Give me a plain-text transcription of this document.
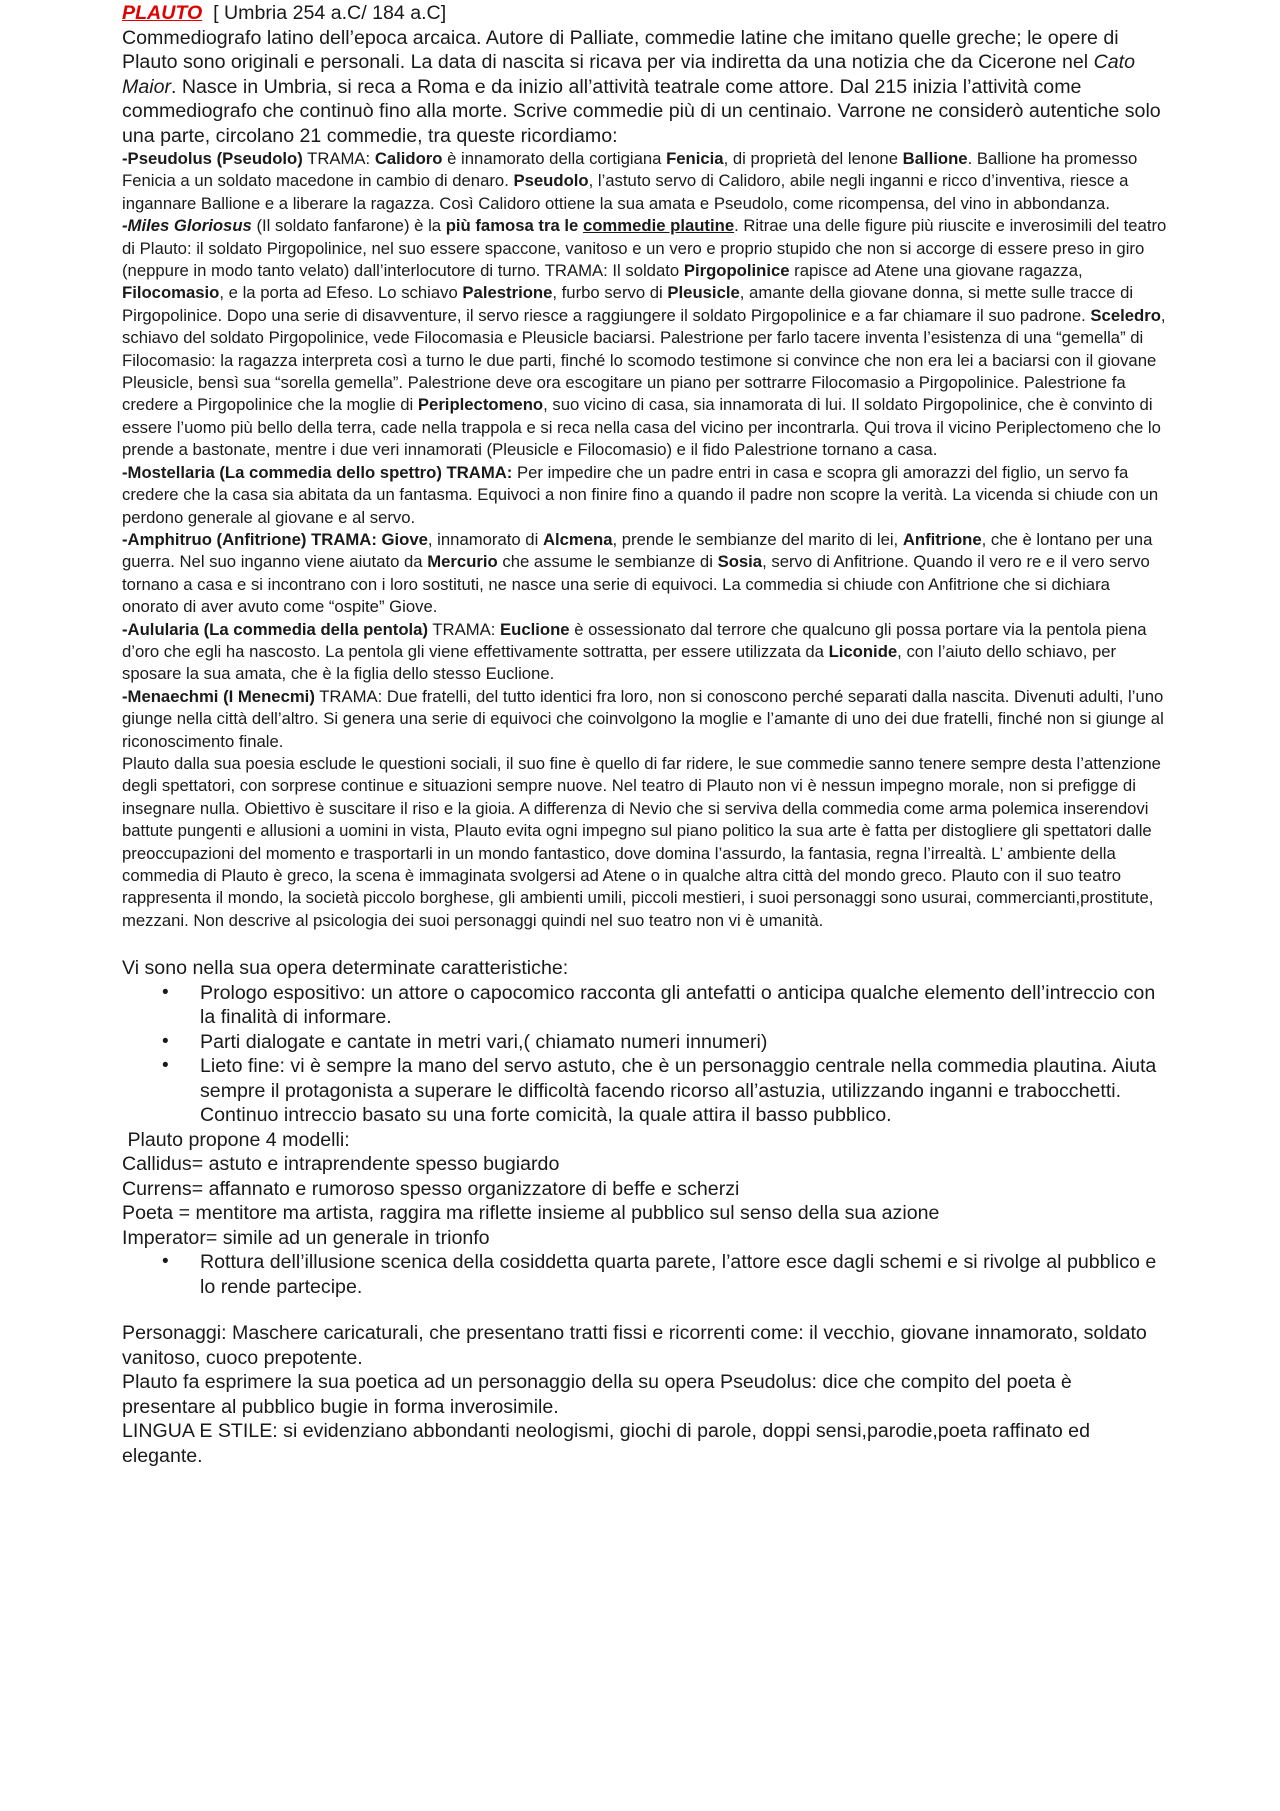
PLAUTO [ Umbria 254 a.C/ 184 a.C]

Commediografo latino dell’epoca arcaica. Autore di Palliate, commedie latine che imitano quelle greche; le opere di Plauto sono originali e personali. La data di nascita si ricava per via indiretta da una notizia che da Cicerone nel Cato Maior. Nasce in Umbria, si reca a Roma e da inizio all’attività teatrale come attore. Dal 215 inizia l’attività come commediografo che continuò fino alla morte. Scrive commedie più di un centinaio. Varrone ne considerò autentiche solo una parte, circolano 21 commedie, tra queste ricordiamo:

-Pseudolus (Pseudolo) TRAMA: Calidoro è innamorato della cortigiana Fenicia, di proprietà del lenone Ballione. Ballione ha promesso Fenicia a un soldato macedone in cambio di denaro. Pseudolo, l’astuto servo di Calidoro, abile negli inganni e ricco d’inventiva, riesce a ingannare Ballione e a liberare la ragazza. Così Calidoro ottiene la sua amata e Pseudolo, come ricompensa, del vino in abbondanza.

-Miles Gloriosus (Il soldato fanfarone) è la più famosa tra le commedie plautine. Ritrae una delle figure più riuscite e inverosimili del teatro di Plauto: il soldato Pirgopolinice, nel suo essere spaccone, vanitoso e un vero e proprio stupido che non si accorge di essere preso in giro (neppure in modo tanto velato) dall’interlocutore di turno. TRAMA: Il soldato Pirgopolinice rapisce ad Atene una giovane ragazza, Filocomasio, e la porta ad Efeso. Lo schiavo Palestrione, furbo servo di Pleusicle, amante della giovane donna, si mette sulle tracce di Pirgopolinice. Dopo una serie di disavventure, il servo riesce a raggiungere il soldato Pirgopolinice e a far chiamare il suo padrone. Sceledro, schiavo del soldato Pirgopolinice, vede Filocomasia e Pleusicle baciarsi. Palestrione per farlo tacere inventa l’esistenza di una “gemella” di Filocomasio: la ragazza interpreta così a turno le due parti, finché lo scomodo testimone si convince che non era lei a baciarsi con il giovane Pleusicle, bensì sua “sorella gemella”. Palestrione deve ora escogitare un piano per sottrarre Filocomasio a Pirgopolinice. Palestrione fa credere a Pirgopolinice che la moglie di Periplectomeno, suo vicino di casa, sia innamorata di lui. Il soldato Pirgopolinice, che è convinto di essere l’uomo più bello della terra, cade nella trappola e si reca nella casa del vicino per incontrarla. Qui trova il vicino Periplectomeno che lo prende a bastonate, mentre i due veri innamorati (Pleusicle e Filocomasio) e il fido Palestrione tornano a casa.

-Mostellaria (La commedia dello spettro) TRAMA: Per impedire che un padre entri in casa e scopra gli amorazzi del figlio, un servo fa credere che la casa sia abitata da un fantasma. Equivoci a non finire fino a quando il padre non scopre la verità. La vicenda si chiude con un perdono generale al giovane e al servo.

-Amphitruo (Anfitrione) TRAMA: Giove, innamorato di Alcmena, prende le sembianze del marito di lei, Anfitrione, che è lontano per una guerra. Nel suo inganno viene aiutato da Mercurio che assume le sembianze di Sosia, servo di Anfitrione. Quando il vero re e il vero servo tornano a casa e si incontrano con i loro sostituti, ne nasce una serie di equivoci. La commedia si chiude con Anfitrione che si dichiara onorato di aver avuto come “ospite” Giove.

-Aulularia (La commedia della pentola) TRAMA: Euclione è ossessionato dal terrore che qualcuno gli possa portare via la pentola piena d’oro che egli ha nascosto. La pentola gli viene effettivamente sottratta, per essere utilizzata da Liconide, con l’aiuto dello schiavo, per sposare la sua amata, che è la figlia dello stesso Euclione.

-Menaechmi (I Menecmi) TRAMA: Due fratelli, del tutto identici fra loro, non si conoscono perché separati dalla nascita. Divenuti adulti, l’uno giunge nella città dell’altro. Si genera una serie di equivoci che coinvolgono la moglie e l’amante di uno dei due fratelli, finché non si giunge al riconoscimento finale.

Plauto dalla sua poesia esclude le questioni sociali, il suo fine è quello di far ridere, le sue commedie sanno tenere sempre desta l’attenzione degli spettatori, con sorprese continue e situazioni sempre nuove. Nel teatro di Plauto non vi è nessun impegno morale, non si prefigge di insegnare nulla. Obiettivo è suscitare il riso e la gioia. A differenza di Nevio che si serviva della commedia come arma polemica inserendovi battute pungenti e allusioni a uomini in vista, Plauto evita ogni impegno sul piano politico la sua arte è fatta per distogliere gli spettatori dalle preoccupazioni del momento e trasportarli in un mondo fantastico, dove domina l’assurdo, la fantasia, regna l’irrealtà. L’ ambiente della commedia di Plauto è greco, la scena è immaginata svolgersi ad Atene o in qualche altra città del mondo greco. Plauto con il suo teatro rappresenta il mondo, la società piccolo borghese, gli ambienti umili, piccoli mestieri, i suoi personaggi sono usurai, commercianti,prostitute, mezzani. Non descrive al psicologia dei suoi personaggi quindi nel suo teatro non vi è umanità.

Vi sono nella sua opera determinate caratteristiche:

• Prologo espositivo: un attore o capocomico racconta gli antefatti o anticipa qualche elemento dell’intreccio con la finalità di informare.
• Parti dialogate e cantate in metri vari,( chiamato numeri innumeri)
• Lieto fine: vi è sempre la mano del servo astuto, che è un personaggio centrale nella commedia plautina. Aiuta sempre il protagonista a superare le difficoltà facendo ricorso all’astuzia, utilizzando inganni e trabocchetti. Continuo intreccio basato su una forte comicità, la quale attira il basso pubblico.

Plauto propone 4 modelli:

Callidus= astuto e intraprendente spesso bugiardo

Currens= affannato e rumoroso spesso organizzatore di beffe e scherzi

Poeta = mentitore ma artista, raggira ma riflette insieme al pubblico sul senso della sua azione

Imperator= simile ad un generale in trionfo

• Rottura dell’illusione scenica della cosiddetta quarta parete, l’attore esce dagli schemi e si rivolge al pubblico e lo rende partecipe.

Personaggi: Maschere caricaturali, che presentano tratti fissi e ricorrenti come: il vecchio, giovane innamorato, soldato vanitoso, cuoco prepotente.

Plauto fa esprimere la sua poetica ad un personaggio della su opera Pseudolus: dice che compito del poeta è presentare al pubblico bugie in forma inverosimile.

LINGUA E STILE: si evidenziano abbondanti neologismi, giochi di parole, doppi sensi,parodie,poeta raffinato ed elegante.
